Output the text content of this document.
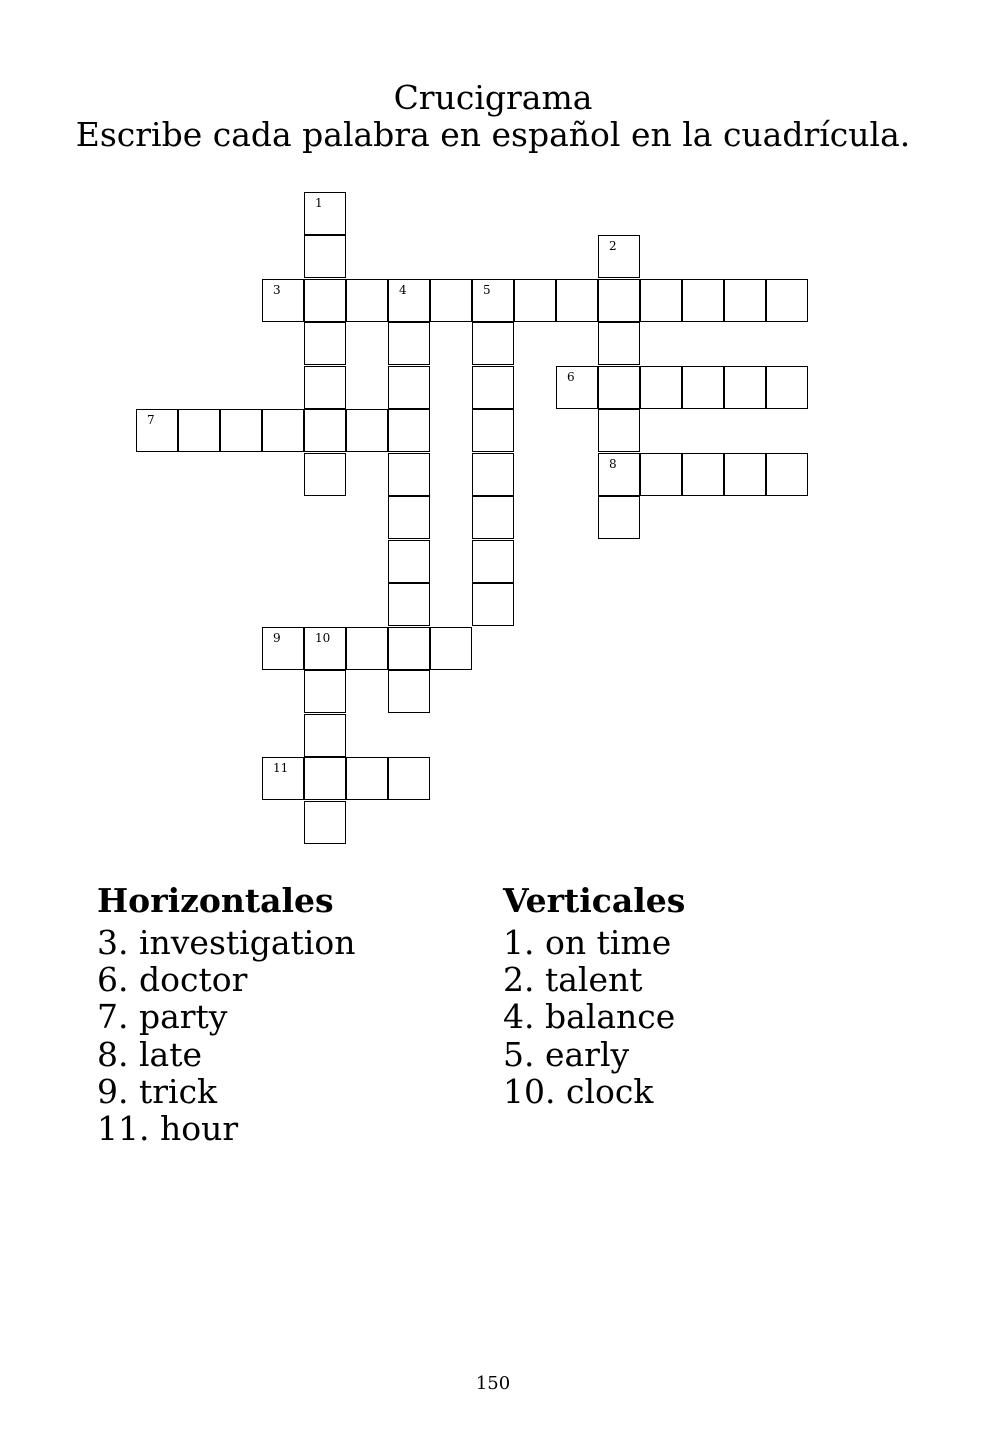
Crucigrama
Escribe cada palabra en español en la cuadrícula.
1
2
3	4	5
6
7
8
9	10
11
Horizontales
3. investigation
6. doctor
7. party
8. late
9. trick
11. hour
Verticales
1. on time
2. talent
4. balance
5. early
10. clock
150
